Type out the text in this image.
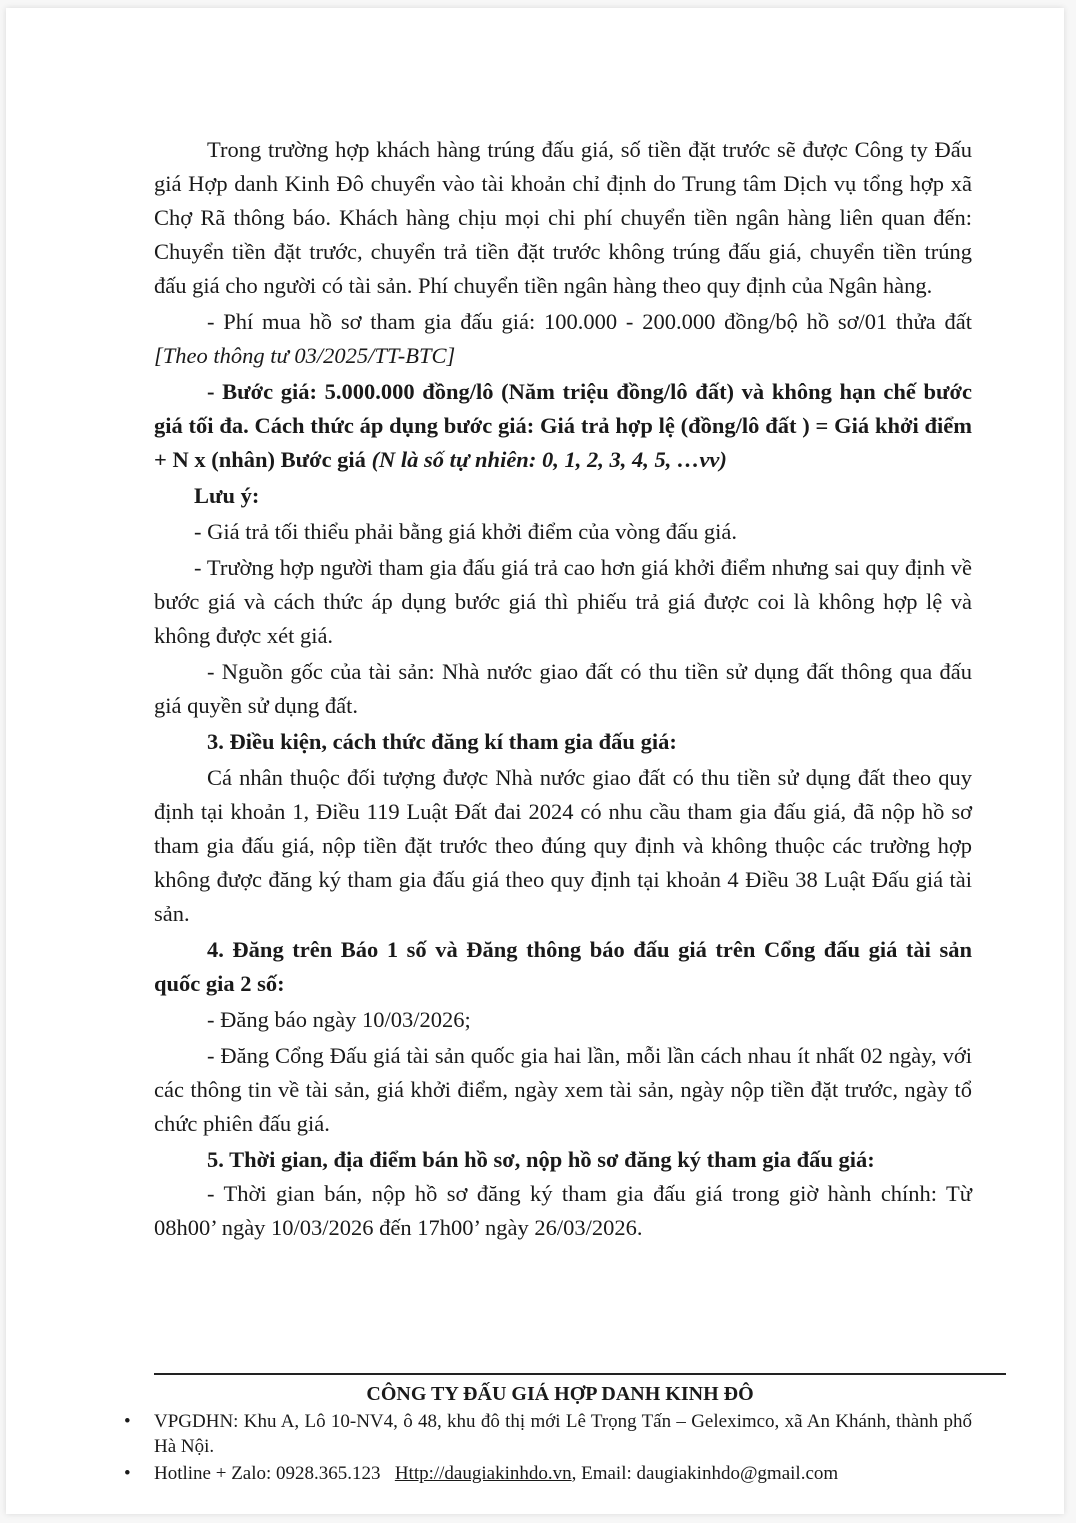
Trong trường hợp khách hàng trúng đấu giá, số tiền đặt trước sẽ được Công ty Đấu giá Hợp danh Kinh Đô chuyển vào tài khoản chỉ định do Trung tâm Dịch vụ tổng hợp xã Chợ Rã thông báo. Khách hàng chịu mọi chi phí chuyển tiền ngân hàng liên quan đến: Chuyển tiền đặt trước, chuyển trả tiền đặt trước không trúng đấu giá, chuyển tiền trúng đấu giá cho người có tài sản. Phí chuyển tiền ngân hàng theo quy định của Ngân hàng.

- Phí mua hồ sơ tham gia đấu giá: 100.000 - 200.000 đồng/bộ hồ sơ/01 thửa đất [Theo thông tư 03/2025/TT-BTC]

- Bước giá: 5.000.000 đồng/lô (Năm triệu đồng/lô đất) và không hạn chế bước giá tối đa. Cách thức áp dụng bước giá: Giá trả hợp lệ (đồng/lô đất ) = Giá khởi điểm + N x (nhân) Bước giá (N là số tự nhiên: 0, 1, 2, 3, 4, 5, …vv)

Lưu ý:

- Giá trả tối thiểu phải bằng giá khởi điểm của vòng đấu giá.

- Trường hợp người tham gia đấu giá trả cao hơn giá khởi điểm nhưng sai quy định về bước giá và cách thức áp dụng bước giá thì phiếu trả giá được coi là không hợp lệ và không được xét giá.

- Nguồn gốc của tài sản: Nhà nước giao đất có thu tiền sử dụng đất thông qua đấu giá quyền sử dụng đất.

3. Điều kiện, cách thức đăng kí tham gia đấu giá:

Cá nhân thuộc đối tượng được Nhà nước giao đất có thu tiền sử dụng đất theo quy định tại khoản 1, Điều 119 Luật Đất đai 2024 có nhu cầu tham gia đấu giá, đã nộp hồ sơ tham gia đấu giá, nộp tiền đặt trước theo đúng quy định và không thuộc các trường hợp không được đăng ký tham gia đấu giá theo quy định tại khoản 4 Điều 38 Luật Đấu giá tài sản.

4. Đăng trên Báo 1 số và Đăng thông báo đấu giá trên Cổng đấu giá tài sản quốc gia 2 số:

- Đăng báo ngày 10/03/2026;

- Đăng Cổng Đấu giá tài sản quốc gia hai lần, mỗi lần cách nhau ít nhất 02 ngày, với các thông tin về tài sản, giá khởi điểm, ngày xem tài sản, ngày nộp tiền đặt trước, ngày tổ chức phiên đấu giá.

5. Thời gian, địa điểm bán hồ sơ, nộp hồ sơ đăng ký tham gia đấu giá:

- Thời gian bán, nộp hồ sơ đăng ký tham gia đấu giá trong giờ hành chính: Từ 08h00’ ngày 10/03/2026 đến 17h00’ ngày 26/03/2026.

CÔNG TY ĐẤU GIÁ HỢP DANH KINH ĐÔ
• VPGDHN: Khu A, Lô 10-NV4, ô 48, khu đô thị mới Lê Trọng Tấn – Geleximco, xã An Khánh, thành phố Hà Nội.
• Hotline + Zalo: 0928.365.123 Http://daugiakinhdo.vn, Email: daugiakinhdo@gmail.com
